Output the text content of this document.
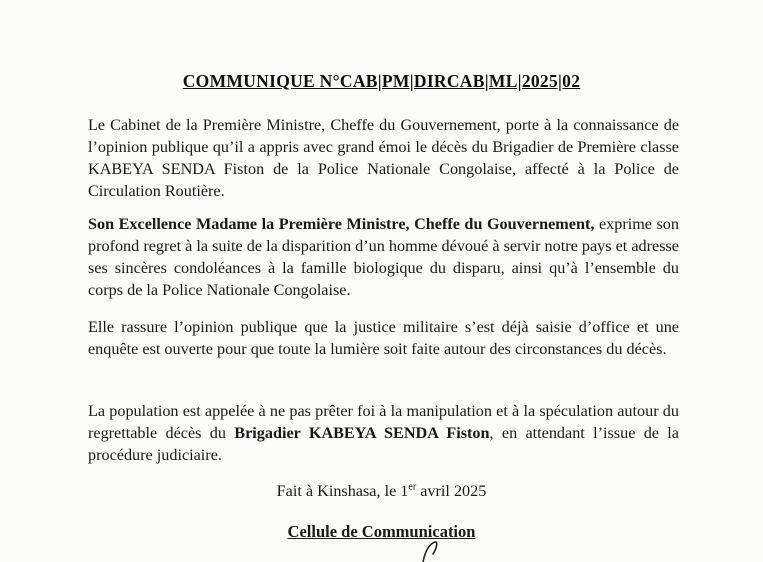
COMMUNIQUE N°CAB|PM|DIRCAB|ML|2025|02
Le Cabinet de la Première Ministre, Cheffe du Gouvernement, porte à la connaissance de l’opinion publique qu’il a appris avec grand émoi le décès du Brigadier de Première classe KABEYA SENDA Fiston de la Police Nationale Congolaise, affecté à la Police de Circulation Routière.
Son Excellence Madame la Première Ministre, Cheffe du Gouvernement, exprime son profond regret à la suite de la disparition d’un homme dévoué à servir notre pays et adresse ses sincères condoléances à la famille biologique du disparu, ainsi qu’à l’ensemble du corps de la Police Nationale Congolaise.
Elle rassure l’opinion publique que la justice militaire s’est déjà saisie d’office et une enquête est ouverte pour que toute la lumière soit faite autour des circonstances du décès.
La population est appelée à ne pas prêter foi à la manipulation et à la spéculation autour du regrettable décès du Brigadier KABEYA SENDA Fiston, en attendant l’issue de la procédure judiciaire.
Fait à Kinshasa, le 1er avril 2025
Cellule de Communication
